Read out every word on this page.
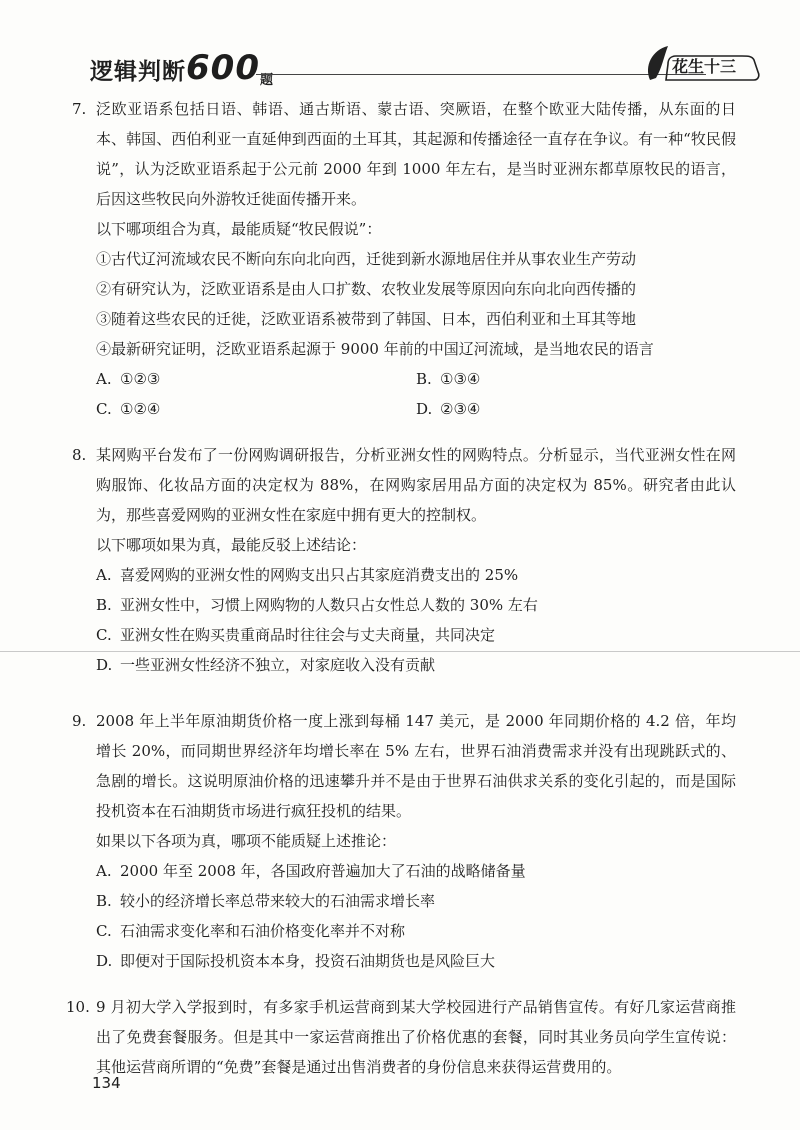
逻辑判断600题
花生十三
7. 泛欧亚语系包括日语、韩语、通古斯语、蒙古语、突厥语，在整个欧亚大陆传播，从东面的日本、韩国、西伯利亚一直延伸到西面的土耳其，其起源和传播途径一直存在争议。有一种“牧民假说”，认为泛欧亚语系起于公元前 2000 年到 1000 年左右，是当时亚洲东都草原牧民的语言，后因这些牧民向外游牧迁徙面传播开来。
以下哪项组合为真，最能质疑“牧民假说”：
①古代辽河流域农民不断向东向北向西，迁徙到新水源地居住并从事农业生产劳动
②有研究认为，泛欧亚语系是由人口扩数、农牧业发展等原因向东向北向西传播的
③随着这些农民的迁徙，泛欧亚语系被带到了韩国、日本，西伯利亚和土耳其等地
④最新研究证明，泛欧亚语系起源于 9000 年前的中国辽河流域，是当地农民的语言
A. ①②③	B. ①③④
C. ①②④	D. ②③④
8. 某网购平台发布了一份网购调研报告，分析亚洲女性的网购特点。分析显示，当代亚洲女性在网购服饰、化妆品方面的决定权为 88%，在网购家居用品方面的决定权为 85%。研究者由此认为，那些喜爱网购的亚洲女性在家庭中拥有更大的控制权。
以下哪项如果为真，最能反驳上述结论：
A. 喜爱网购的亚洲女性的网购支出只占其家庭消费支出的 25%
B. 亚洲女性中，习惯上网购物的人数只占女性总人数的 30% 左右
C. 亚洲女性在购买贵重商品时往往会与丈夫商量，共同决定
D. 一些亚洲女性经济不独立，对家庭收入没有贡献
9. 2008 年上半年原油期货价格一度上涨到每桶 147 美元，是 2000 年同期价格的 4.2 倍，年均增长 20%，而同期世界经济年均增长率在 5% 左右，世界石油消费需求并没有出现跳跃式的、急剧的增长。这说明原油价格的迅速攀升并不是由于世界石油供求关系的变化引起的，而是国际投机资本在石油期货市场进行疯狂投机的结果。
如果以下各项为真，哪项不能质疑上述推论：
A. 2000 年至 2008 年，各国政府普遍加大了石油的战略储备量
B. 较小的经济增长率总带来较大的石油需求增长率
C. 石油需求变化率和石油价格变化率并不对称
D. 即便对于国际投机资本本身，投资石油期货也是风险巨大
10. 9 月初大学入学报到时，有多家手机运营商到某大学校园进行产品销售宣传。有好几家运营商推出了免费套餐服务。但是其中一家运营商推出了价格优惠的套餐，同时其业务员向学生宣传说：其他运营商所谓的“免费”套餐是通过出售消费者的身份信息来获得运营费用的。
134
